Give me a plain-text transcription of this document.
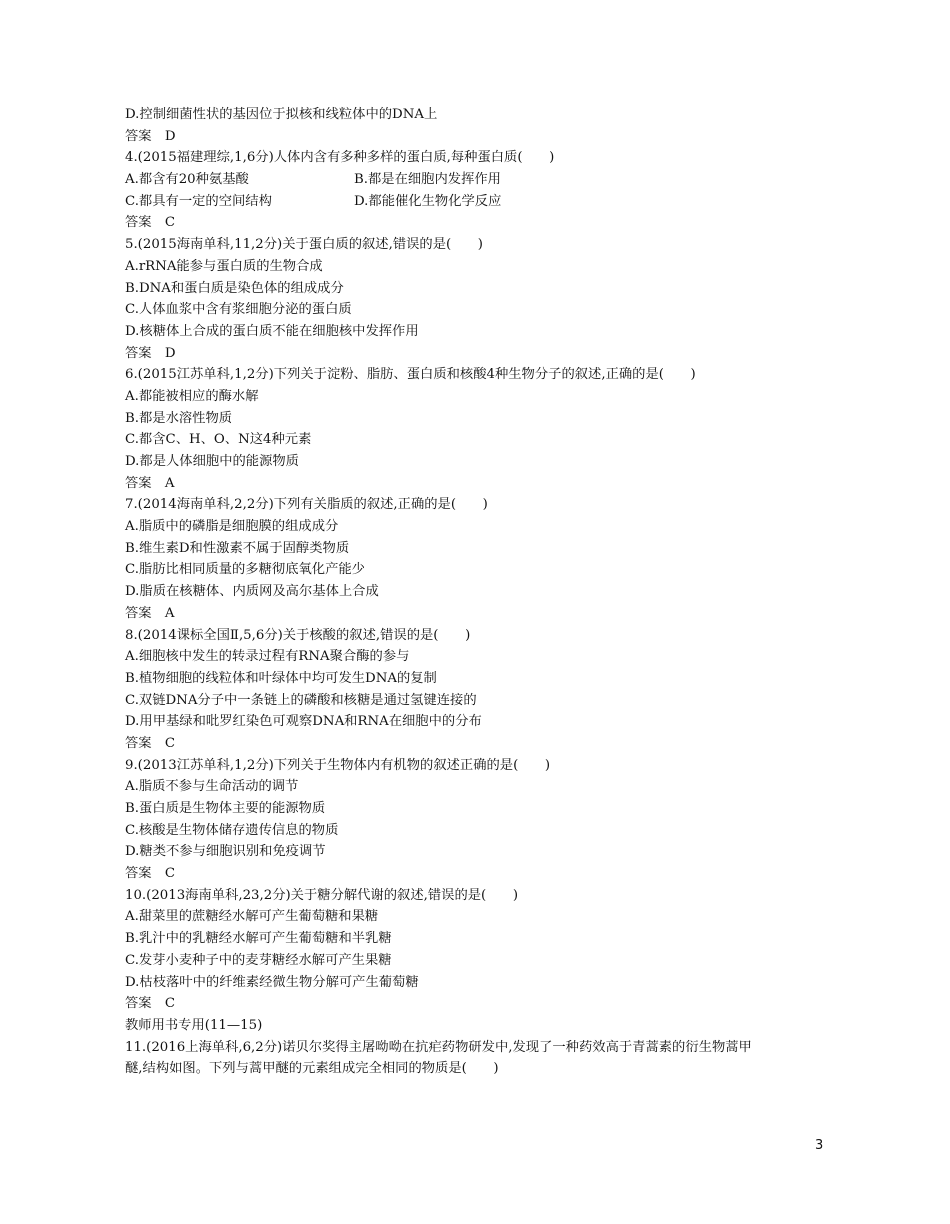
D.控制细菌性状的基因位于拟核和线粒体中的DNA上
答案　D
4.(2015福建理综,1,6分)人体内含有多种多样的蛋白质,每种蛋白质(　　)
A.都含有20种氨基酸	B.都是在细胞内发挥作用
C.都具有一定的空间结构	D.都能催化生物化学反应
答案　C
5.(2015海南单科,11,2分)关于蛋白质的叙述,错误的是(　　)
A.rRNA能参与蛋白质的生物合成
B.DNA和蛋白质是染色体的组成成分
C.人体血浆中含有浆细胞分泌的蛋白质
D.核糖体上合成的蛋白质不能在细胞核中发挥作用
答案　D
6.(2015江苏单科,1,2分)下列关于淀粉、脂肪、蛋白质和核酸4种生物分子的叙述,正确的是(　　)
A.都能被相应的酶水解
B.都是水溶性物质
C.都含C、H、O、N这4种元素
D.都是人体细胞中的能源物质
答案　A
7.(2014海南单科,2,2分)下列有关脂质的叙述,正确的是(　　)
A.脂质中的磷脂是细胞膜的组成成分
B.维生素D和性激素不属于固醇类物质
C.脂肪比相同质量的多糖彻底氧化产能少
D.脂质在核糖体、内质网及高尔基体上合成
答案　A
8.(2014课标全国Ⅱ,5,6分)关于核酸的叙述,错误的是(　　)
A.细胞核中发生的转录过程有RNA聚合酶的参与
B.植物细胞的线粒体和叶绿体中均可发生DNA的复制
C.双链DNA分子中一条链上的磷酸和核糖是通过氢键连接的
D.用甲基绿和吡罗红染色可观察DNA和RNA在细胞中的分布
答案　C
9.(2013江苏单科,1,2分)下列关于生物体内有机物的叙述正确的是(　　)
A.脂质不参与生命活动的调节
B.蛋白质是生物体主要的能源物质
C.核酸是生物体储存遗传信息的物质
D.糖类不参与细胞识别和免疫调节
答案　C
10.(2013海南单科,23,2分)关于糖分解代谢的叙述,错误的是(　　)
A.甜菜里的蔗糖经水解可产生葡萄糖和果糖
B.乳汁中的乳糖经水解可产生葡萄糖和半乳糖
C.发芽小麦种子中的麦芽糖经水解可产生果糖
D.枯枝落叶中的纤维素经微生物分解可产生葡萄糖
答案　C
教师用书专用(11—15)
11.(2016上海单科,6,2分)诺贝尔奖得主屠呦呦在抗疟药物研发中,发现了一种药效高于青蒿素的衍生物蒿甲
醚,结构如图。下列与蒿甲醚的元素组成完全相同的物质是(　　)
3
